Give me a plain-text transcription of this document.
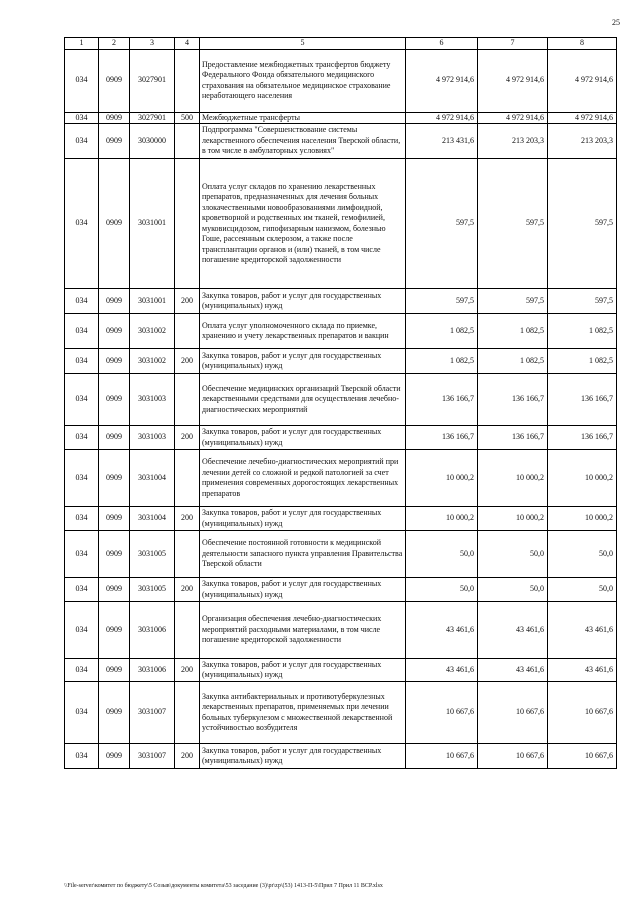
25
1	2	3	4	5	6	7	8
034	0909	3027901		Предоставление межбюджетных трансфертов бюджету Федерального Фонда обязательного медицинского страхования на обязательное медицинское страхование неработающего населения	4 972 914,6	4 972 914,6	4 972 914,6
034	0909	3027901	500	Межбюджетные трансферты	4 972 914,6	4 972 914,6	4 972 914,6
034	0909	3030000		Подпрограмма "Совершенствование системы лекарственного обеспечения населения Тверской области, в том числе в амбулаторных условиях"	213 431,6	213 203,3	213 203,3
034	0909	3031001		Оплата услуг складов по хранению лекарственных препаратов, предназначенных для лечения больных злокачественными новообразованиями лимфоидной, кроветворной и родственных им тканей, гемофилией, муковисцидозом, гипофизарным нанизмом, болезнью Гоше, рассеянным склерозом, а также после трансплантации органов и (или) тканей, в том числе погашение кредиторской задолженности	597,5	597,5	597,5
034	0909	3031001	200	Закупка товаров, работ и услуг для государственных (муниципальных) нужд	597,5	597,5	597,5
034	0909	3031002		Оплата услуг уполномоченного склада по приемке, хранению и учету лекарственных препаратов и вакцин	1 082,5	1 082,5	1 082,5
034	0909	3031002	200	Закупка товаров, работ и услуг для государственных (муниципальных) нужд	1 082,5	1 082,5	1 082,5
034	0909	3031003		Обеспечение медицинских организаций Тверской области лекарственными средствами для осуществления лечебно-диагностических мероприятий	136 166,7	136 166,7	136 166,7
034	0909	3031003	200	Закупка товаров, работ и услуг для государственных (муниципальных) нужд	136 166,7	136 166,7	136 166,7
034	0909	3031004		Обеспечение лечебно-диагностических мероприятий при лечении детей со сложной и редкой патологией за счет применения современных дорогостоящих лекарственных препаратов	10 000,2	10 000,2	10 000,2
034	0909	3031004	200	Закупка товаров, работ и услуг для государственных (муниципальных) нужд	10 000,2	10 000,2	10 000,2
034	0909	3031005		Обеспечение постоянной готовности к медицинской деятельности запасного пункта управления Правительства Тверской области	50,0	50,0	50,0
034	0909	3031005	200	Закупка товаров, работ и услуг для государственных (муниципальных) нужд	50,0	50,0	50,0
034	0909	3031006		Организация обеспечения лечебно-диагностических мероприятий расходными материалами, в том числе погашение кредиторской задолженности	43 461,6	43 461,6	43 461,6
034	0909	3031006	200	Закупка товаров, работ и услуг для государственных (муниципальных) нужд	43 461,6	43 461,6	43 461,6
034	0909	3031007		Закупка антибактериальных и противотуберкулезных лекарственных препаратов, применяемых при лечении больных туберкулезом с множественной лекарственной устойчивостью возбудителя	10 667,6	10 667,6	10 667,6
034	0909	3031007	200	Закупка товаров, работ и услуг для государственных (муниципальных) нужд	10 667,6	10 667,6	10 667,6
\\File-server\комитет по бюджету\5 Созыв\документы комитета\53 заседание (3)\pr\zp\(53) 1413-П-5\Прил 7 Прил 11 ВСР.xlsx
